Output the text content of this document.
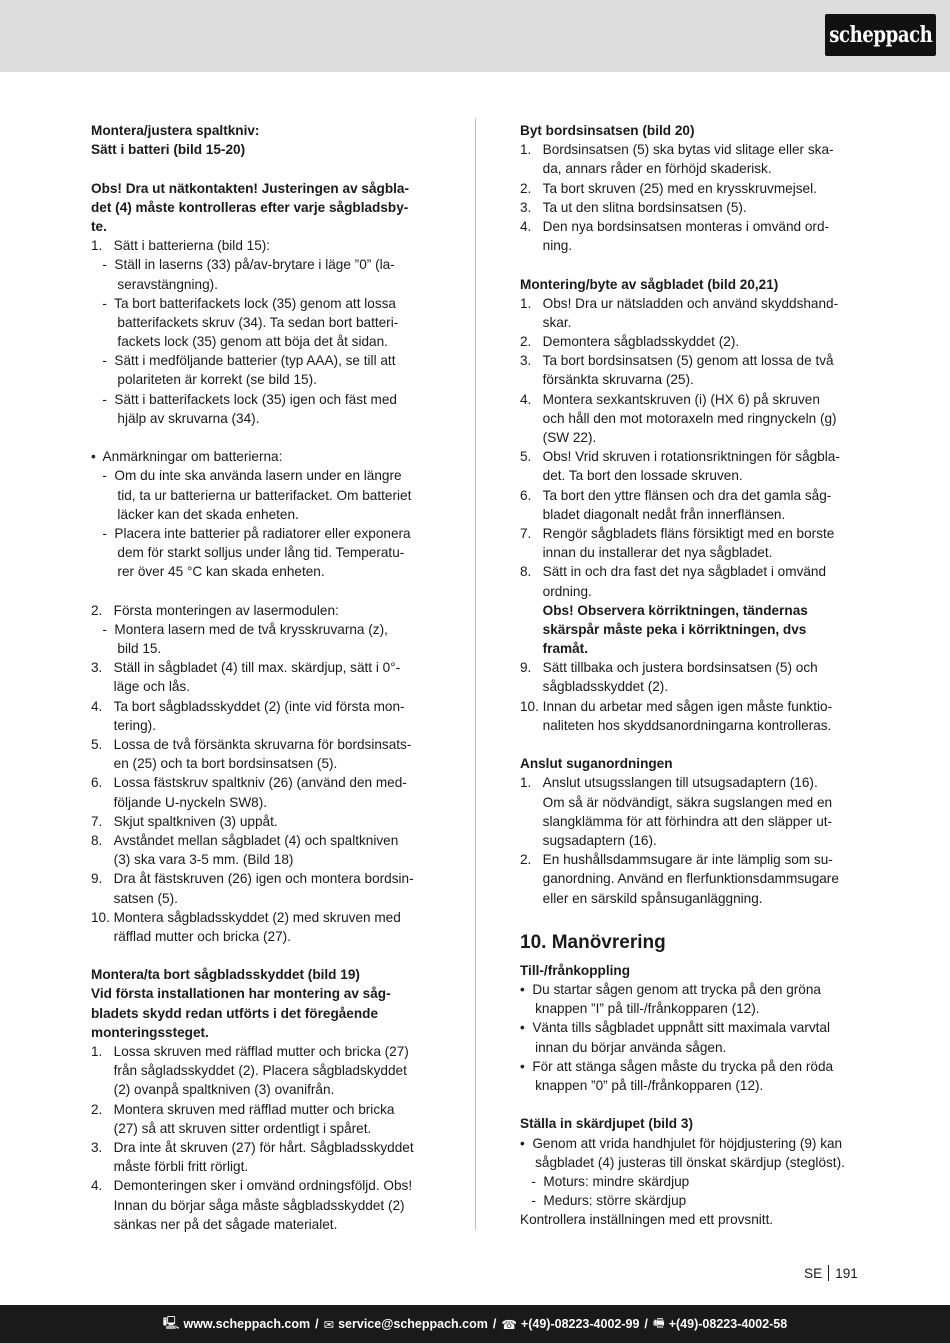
scheppach
Montera/justera spaltkniv:
Sätt i batteri (bild 15-20)
Obs! Dra ut nätkontakten! Justeringen av sågbla-
det (4) måste kontrolleras efter varje sågbladsby-
te.
1.   Sätt i batterierna (bild 15):
-  Ställ in laserns (33) på/av-brytare i läge ”0” (la-
seravstängning).
-  Ta bort batterifackets lock (35) genom att lossa
batterifackets skruv (34). Ta sedan bort batteri-
fackets lock (35) genom att böja det åt sidan.
-  Sätt i medföljande batterier (typ AAA), se till att
polariteten är korrekt (se bild 15).
-  Sätt i batterifackets lock (35) igen och fäst med
hjälp av skruvarna (34).
•  Anmärkningar om batterierna:
-  Om du inte ska använda lasern under en längre
tid, ta ur batterierna ur batterifacket. Om batteriet
läcker kan det skada enheten.
-  Placera inte batterier på radiatorer eller exponera
dem för starkt solljus under lång tid. Temperatu-
rer över 45 °C kan skada enheten.
2.   Första monteringen av lasermodulen:
-  Montera lasern med de två krysskruvarna (z),
bild 15.
3.   Ställ in sågbladet (4) till max. skärdjup, sätt i 0°-
läge och lås.
4.   Ta bort sågbladsskyddet (2) (inte vid första mon-
tering).
5.   Lossa de två försänkta skruvarna för bordsinsats-
en (25) och ta bort bordsinsatsen (5).
6.   Lossa fästskruv spaltkniv (26) (använd den med-
följande U-nyckeln SW8).
7.   Skjut spaltkniven (3) uppåt.
8.   Avståndet mellan sågbladet (4) och spaltkniven
(3) ska vara 3-5 mm. (Bild 18)
9.   Dra åt fästskruven (26) igen och montera bordsin-
satsen (5).
10. Montera sågbladsskyddet (2) med skruven med
räfflad mutter och bricka (27).
Montera/ta bort sågbladsskyddet (bild 19)
Vid första installationen har montering av såg-
bladets skydd redan utförts i det föregående
monteringssteget.
1.   Lossa skruven med räfflad mutter och bricka (27)
från sågladsskyddet (2). Placera sågbladskyddet
(2) ovanpå spaltkniven (3) ovanifrån.
2.   Montera skruven med räfflad mutter och bricka
(27) så att skruven sitter ordentligt i spåret.
3.   Dra inte åt skruven (27) för hårt. Sågbladsskyddet
måste förbli fritt rörligt.
4.   Demonteringen sker i omvänd ordningsföljd. Obs!
Innan du börjar såga måste sågbladsskyddet (2)
sänkas ner på det sågade materialet.
Byt bordsinsatsen (bild 20)
1.   Bordsinsatsen (5) ska bytas vid slitage eller ska-
da, annars råder en förhöjd skaderisk.
2.   Ta bort skruven (25) med en krysskruvmejsel.
3.   Ta ut den slitna bordsinsatsen (5).
4.   Den nya bordsinsatsen monteras i omvänd ord-
ning.
Montering/byte av sågbladet (bild 20,21)
1.   Obs! Dra ur nätsladden och använd skyddshand-
skar.
2.   Demontera sågbladsskyddet (2).
3.   Ta bort bordsinsatsen (5) genom att lossa de två
försänkta skruvarna (25).
4.   Montera sexkantskruven (i) (HX 6) på skruven
och håll den mot motoraxeln med ringnyckeln (g)
(SW 22).
5.   Obs! Vrid skruven i rotationsriktningen för sågbla-
det. Ta bort den lossade skruven.
6.   Ta bort den yttre flänsen och dra det gamla såg-
bladet diagonalt nedåt från innerflänsen.
7.   Rengör sågbladets fläns försiktigt med en borste
innan du installerar det nya sågbladet.
8.   Sätt in och dra fast det nya sågbladet i omvänd
ordning.
Obs! Observera körriktningen, tändernas
skärspår måste peka i körriktningen, dvs
framåt.
9.   Sätt tillbaka och justera bordsinsatsen (5) och
sågbladsskyddet (2).
10. Innan du arbetar med sågen igen måste funktio-
naliteten hos skyddsanordningarna kontrolleras.
Anslut suganordningen
1.   Anslut utsugsslangen till utsugsadaptern (16).
Om så är nödvändigt, säkra sugslangen med en
slangklämma för att förhindra att den släpper ut-
sugsadaptern (16).
2.   En hushållsdammsugare är inte lämplig som su-
ganordning. Använd en flerfunktionsdammsugare
eller en särskild spånsuganläggning.
10. Manövrering
Till-/frånkoppling
•  Du startar sågen genom att trycka på den gröna
knappen ”I” på till-/frånkopparen (12).
•  Vänta tills sågbladet uppnått sitt maximala varvtal
innan du börjar använda sågen.
•  För att stänga sågen måste du trycka på den röda
knappen ”0” på till-/frånkopparen (12).
Ställa in skärdjupet (bild 3)
•  Genom att vrida handhjulet för höjdjustering (9) kan
sågbladet (4) justeras till önskat skärdjup (steglöst).
-  Moturs: mindre skärdjup
-  Medurs: större skärdjup
Kontrollera inställningen med ett provsnitt.
SE 191
🖳 www.scheppach.com / ✉ service@scheppach.com / ☎ +(49)-08223-4002-99 / 🖷 +(49)-08223-4002-58
